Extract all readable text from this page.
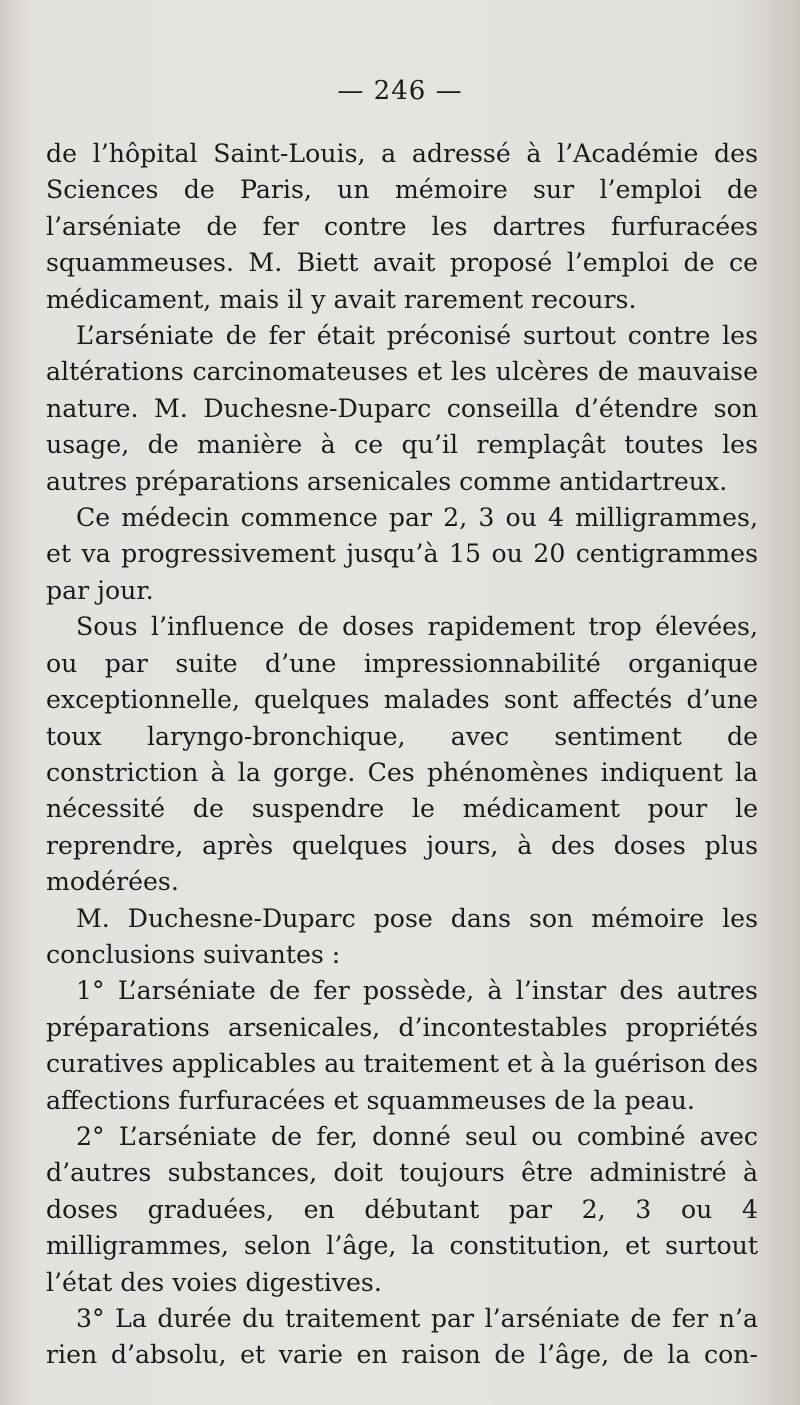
— 246 —

de l’hôpital Saint-Louis, a adressé à l’Académie des Sciences de Paris, un mémoire sur l’emploi de l’arséniate de fer contre les dartres furfuracées squammeuses. M. Biett avait proposé l’emploi de ce médicament, mais il y avait rarement recours.

L’arséniate de fer était préconisé surtout contre les altérations carcinomateuses et les ulcères de mauvaise nature. M. Duchesne-Duparc conseilla d’étendre son usage, de manière à ce qu’il remplaçât toutes les autres préparations arsenicales comme antidartreux.

Ce médecin commence par 2, 3 ou 4 milligrammes, et va progressivement jusqu’à 15 ou 20 centigrammes par jour.

Sous l’influence de doses rapidement trop élevées, ou par suite d’une impressionnabilité organique exceptionnelle, quelques malades sont affectés d’une toux laryngo-bronchique, avec sentiment de constriction à la gorge. Ces phénomènes indiquent la nécessité de suspendre le médicament pour le reprendre, après quelques jours, à des doses plus modérées.

M. Duchesne-Duparc pose dans son mémoire les conclusions suivantes :

1° L’arséniate de fer possède, à l’instar des autres préparations arsenicales, d’incontestables propriétés curatives applicables au traitement et à la guérison des affections furfuracées et squammeuses de la peau.

2° L’arséniate de fer, donné seul ou combiné avec d’autres substances, doit toujours être administré à doses graduées, en débutant par 2, 3 ou 4 milligrammes, selon l’âge, la constitution, et surtout l’état des voies digestives.

3° La durée du traitement par l’arséniate de fer n’a rien d’absolu, et varie en raison de l’âge, de la con-
